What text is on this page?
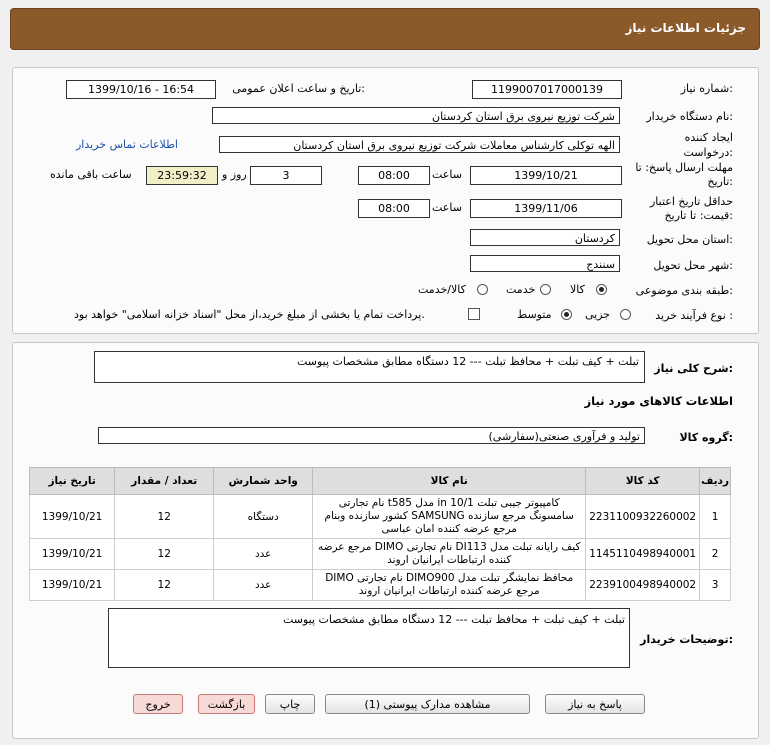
جزئیات اطلاعات نیاز
شماره نیاز:
1199007017000139
تاریخ و ساعت اعلان عمومی:
1399/10/16 - 16:54
نام دستگاه خریدار:
شرکت توزیع نیروی برق استان کردستان
ایجاد کننده درخواست:
الهه توکلی کارشناس معاملات شرکت توزیع نیروی برق استان کردستان
اطلاعات تماس خریدار
مهلت ارسال پاسخ: تا تاریخ:
1399/10/21
ساعت
08:00
3
روز و
23:59:32
ساعت باقی مانده
حداقل تاریخ اعتبار قیمت: تا تاریخ:
1399/11/06
ساعت
08:00
استان محل تحویل:
کردستان
شهر محل تحویل:
سنندج
طبقه بندی موضوعی:
کالا
خدمت
کالا/خدمت
نوع فرآیند خرید :
جزیی
متوسط
پرداخت تمام یا بخشی از مبلغ خرید،از محل "اسناد خزانه اسلامی" خواهد بود.
شرح کلی نیاز:
تبلت + کیف تبلت + محافظ تبلت --- 12 دستگاه مطابق مشخصات پیوست
اطلاعات کالاهای مورد نیاز
گروه کالا:
تولید و فرآوری صنعتی(سفارشی)
ردیف	کد کالا	نام کالا	واحد شمارش	تعداد / مقدار	تاریخ نیاز
1	2231100932260002	کامپیوتر جیبی تبلت in 10/1 مدل t585 نام تجارتی سامسونگ مرجع سازنده SAMSUNG کشور سازنده وبنام مرجع عرضه کننده امان عباسی	دستگاه	12	1399/10/21
2	1145110498940001	کیف رایانه تبلت مدل DI113 نام تجارتی DIMO مرجع عرضه کننده ارتباطات ایرانیان اروند	عدد	12	1399/10/21
3	2239100498940002	محافظ نمایشگر تبلت مدل DIMO900 نام تجارتی DIMO مرجع عرضه کننده ارتباطات ایرانیان اروند	عدد	12	1399/10/21
توضیحات خریدار:
تبلت + کیف تبلت + محافظ تبلت --- 12 دستگاه مطابق مشخصات پیوست
پاسخ به نیاز
مشاهده مدارک پیوستی (1)
چاپ
بازگشت
خروج
